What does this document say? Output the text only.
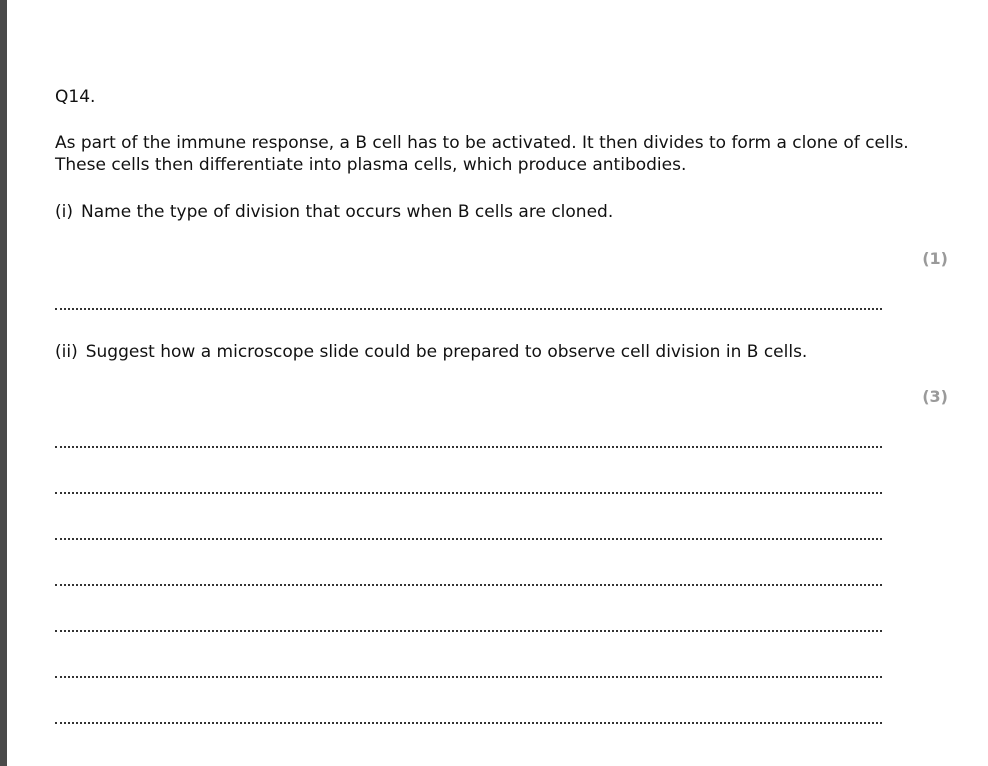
Q14.
As part of the immune response, a B cell has to be activated. It then divides to form a clone of cells. These cells then differentiate into plasma cells, which produce antibodies.
(i) Name the type of division that occurs when B cells are cloned.
(1)
(ii) Suggest how a microscope slide could be prepared to observe cell division in B cells.
(3)
